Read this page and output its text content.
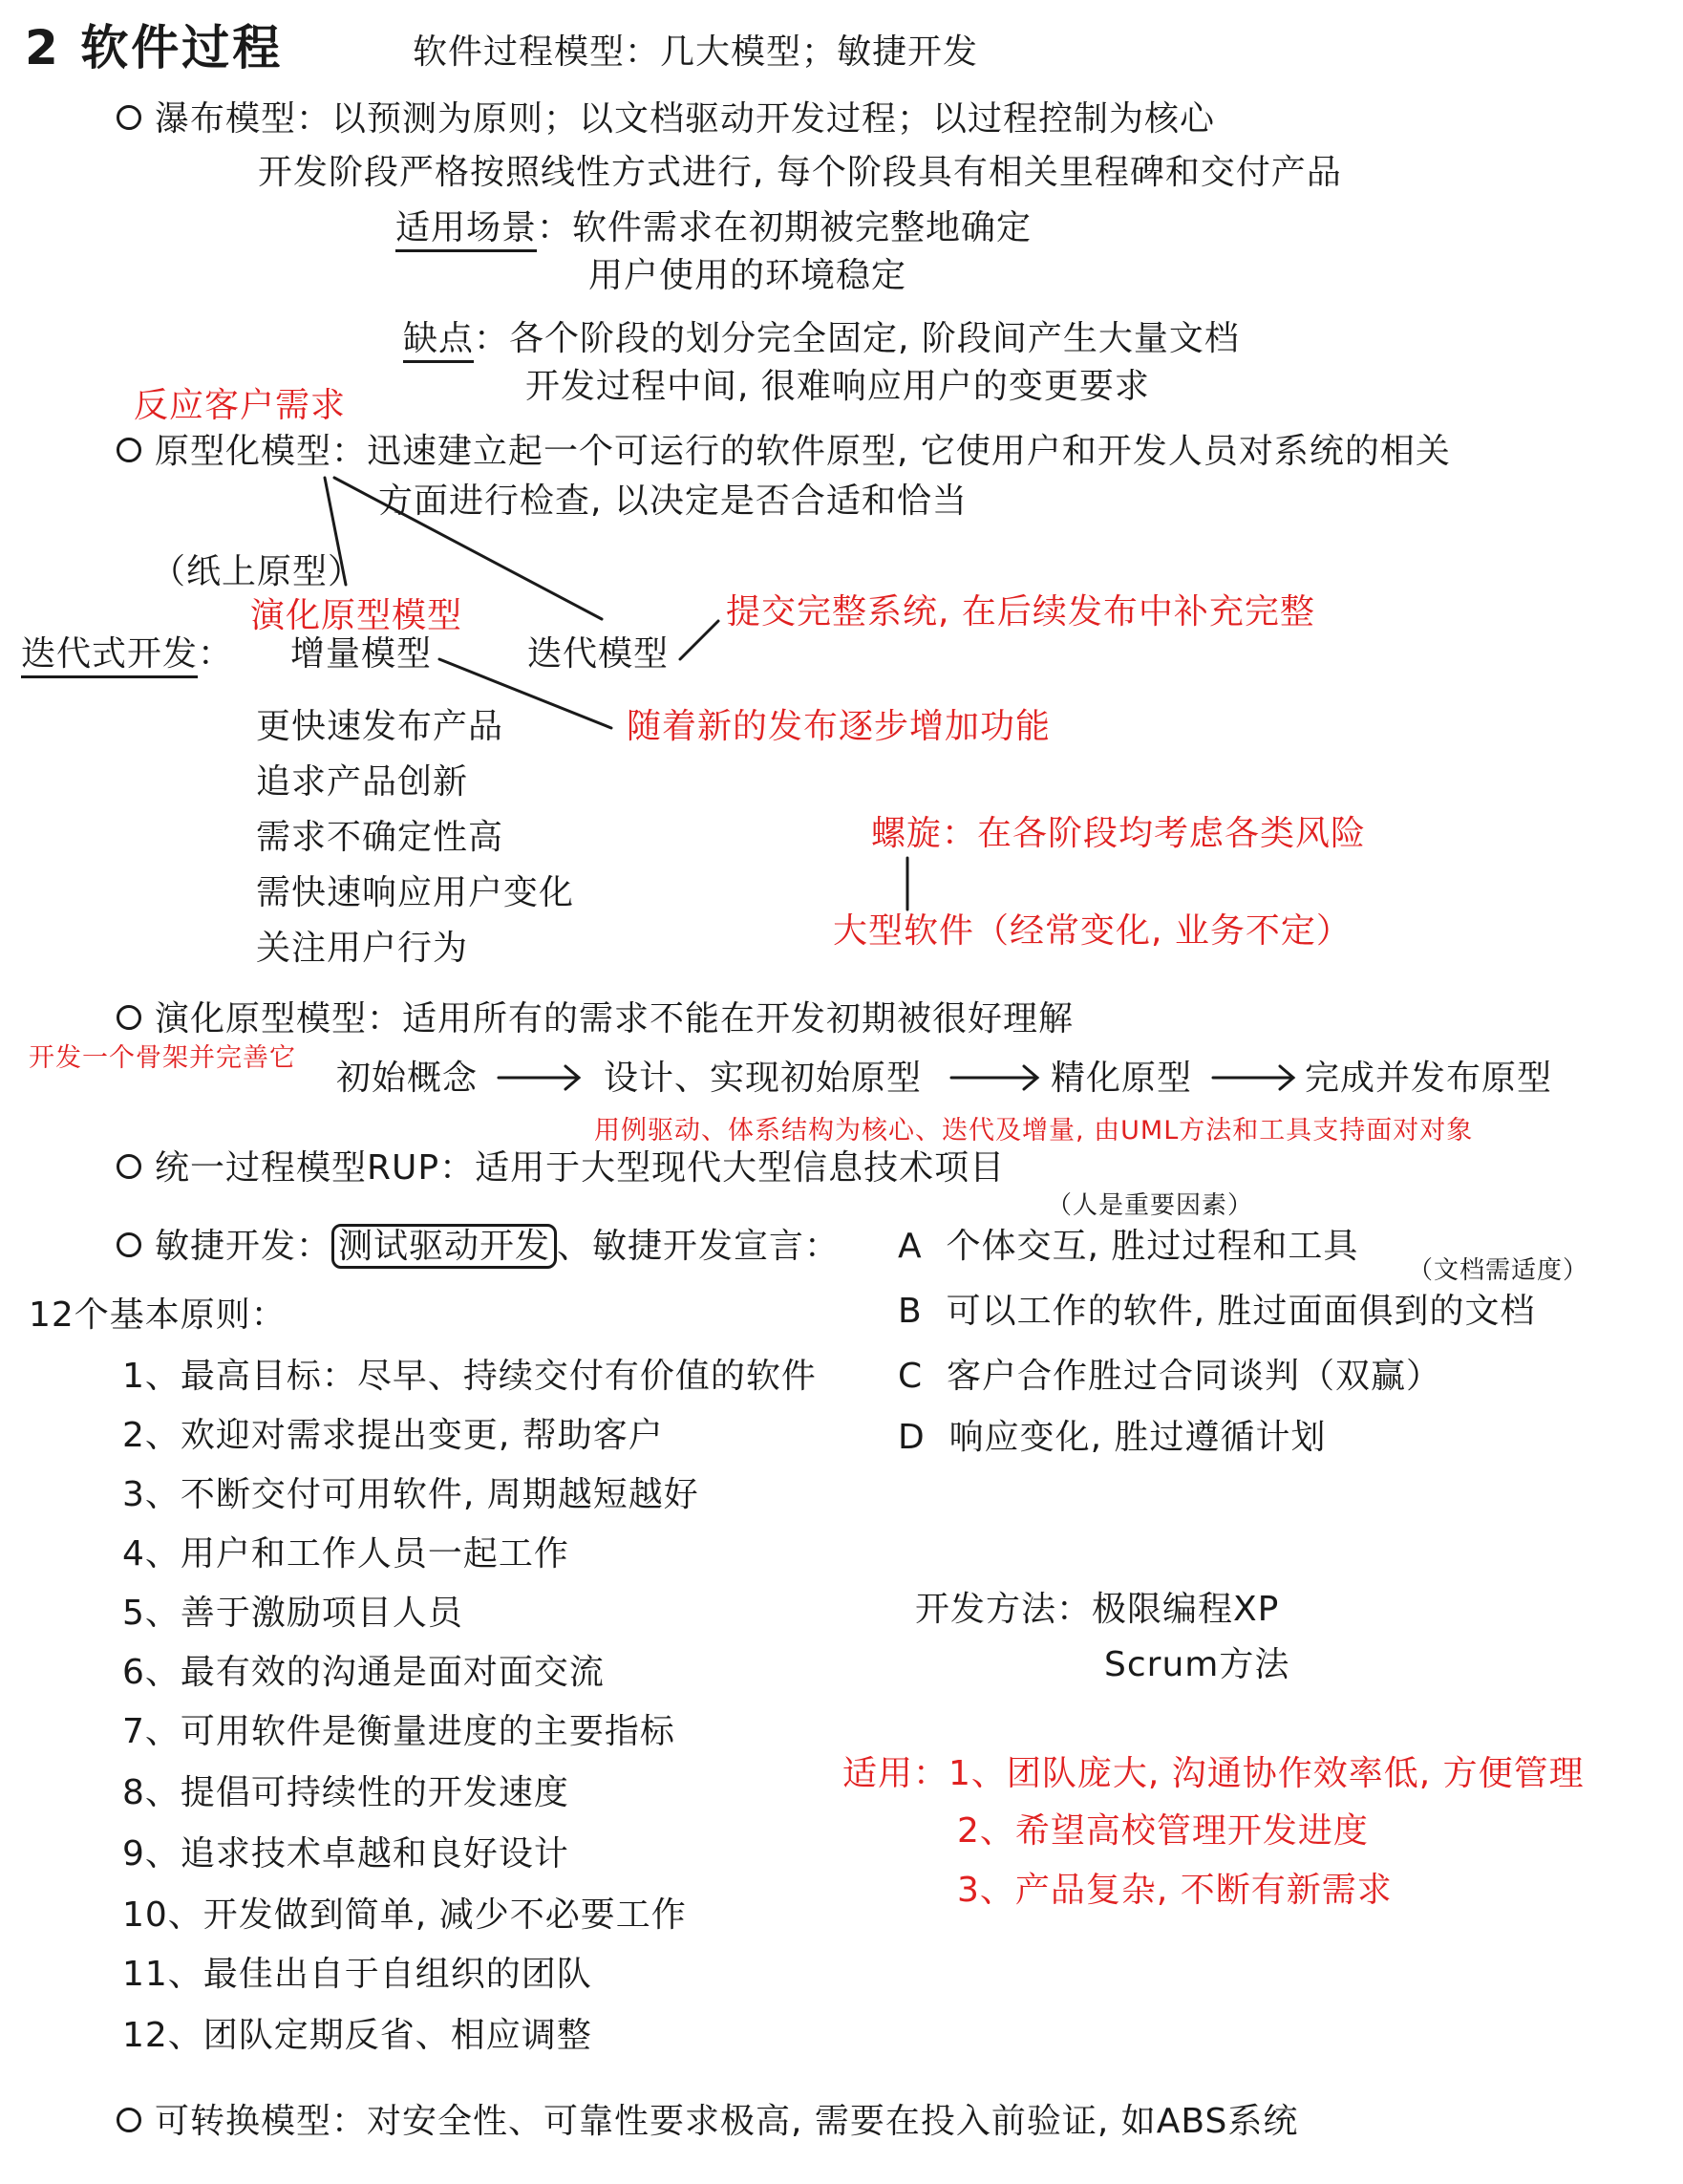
2 软件过程	软件过程模型：几大模型；敏捷开发
瀑布模型：以预测为原则；以文档驱动开发过程；以过程控制为核心
开发阶段严格按照线性方式进行, 每个阶段具有相关里程碑和交付产品
适用场景：软件需求在初期被完整地确定
用户使用的环境稳定
缺点：各个阶段的划分完全固定, 阶段间产生大量文档
开发过程中间, 很难响应用户的变更要求
反应客户需求
原型化模型：迅速建立起一个可运行的软件原型, 它使用户和开发人员对系统的相关
方面进行检查, 以决定是否合适和恰当
（纸上原型）
演化原型模型
迭代式开发： 增量模型	迭代模型
提交完整系统, 在后续发布中补充完整
随着新的发布逐步增加功能
更快速发布产品
追求产品创新
需求不确定性高
需快速响应用户变化
关注用户行为
螺旋：在各阶段均考虑各类风险
大型软件（经常变化, 业务不定）
演化原型模型：适用所有的需求不能在开发初期被很好理解
开发一个骨架并完善它
初始概念	设计、实现初始原型	精化原型	完成并发布原型
用例驱动、体系结构为核心、迭代及增量, 由UML方法和工具支持面对对象
统一过程模型RUP：适用于大型现代大型信息技术项目
（人是重要因素）
敏捷开发： 测试驱动开发 、敏捷开发宣言：
（文档需适度）
A 个体交互, 胜过过程和工具
B 可以工作的软件, 胜过面面俱到的文档
C 客户合作胜过合同谈判（双赢）
D 响应变化, 胜过遵循计划
12个基本原则：
1、最高目标：尽早、持续交付有价值的软件
2、欢迎对需求提出变更, 帮助客户
3、不断交付可用软件, 周期越短越好
4、用户和工作人员一起工作
5、善于激励项目人员
6、最有效的沟通是面对面交流
7、可用软件是衡量进度的主要指标
8、提倡可持续性的开发速度
9、追求技术卓越和良好设计
10、开发做到简单, 减少不必要工作
11、最佳出自于自组织的团队
12、团队定期反省、相应调整
开发方法：极限编程XP
Scrum方法
适用：1、团队庞大, 沟通协作效率低, 方便管理
2、希望高校管理开发进度
3、产品复杂, 不断有新需求
可转换模型：对安全性、可靠性要求极高, 需要在投入前验证, 如ABS系统
